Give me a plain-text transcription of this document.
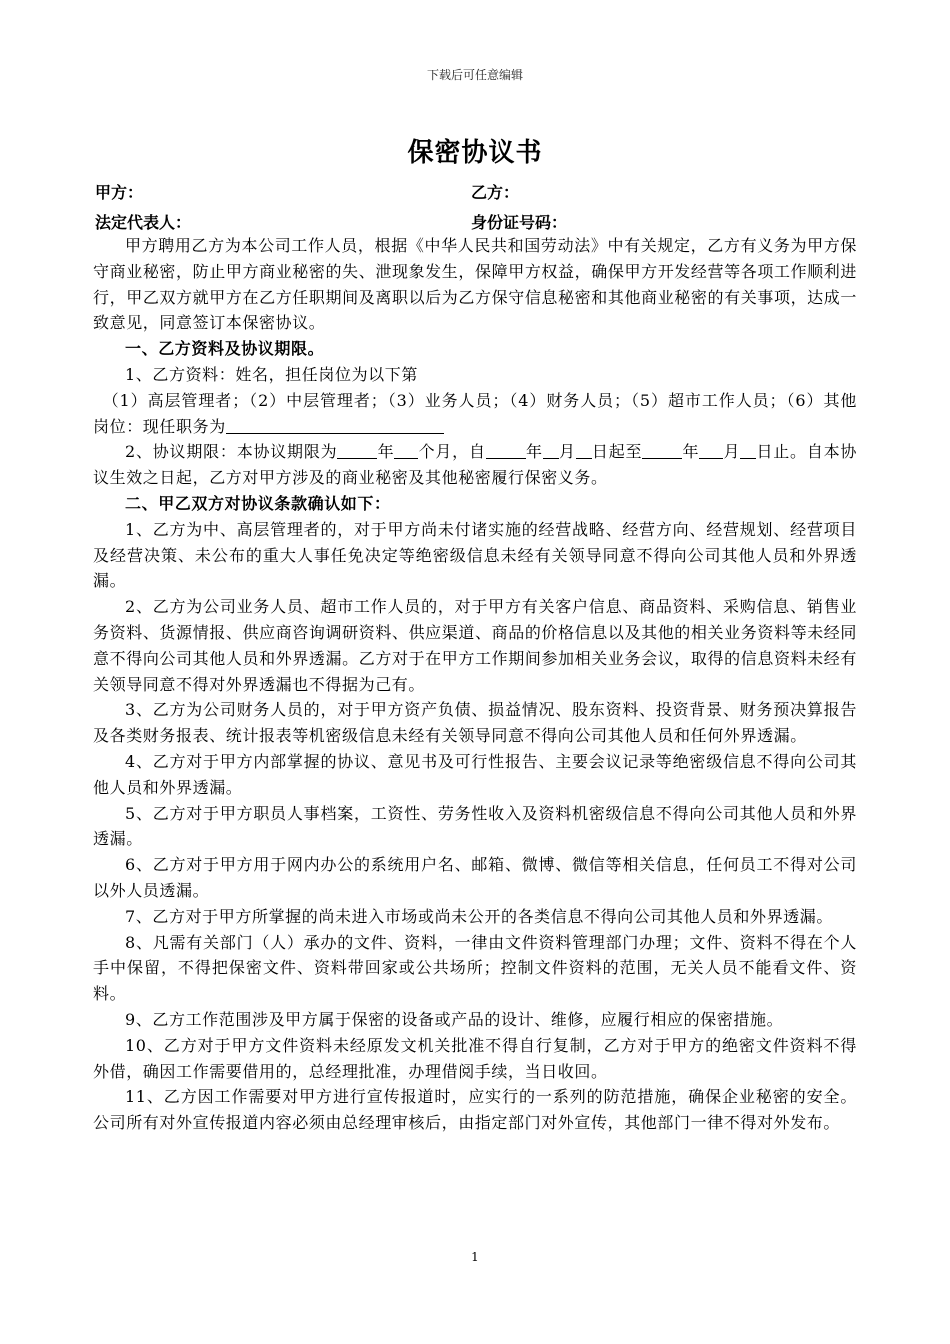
下载后可任意编辑
保密协议书
甲方：	乙方：
法定代表人：	身份证号码：

甲方聘用乙方为本公司工作人员，根据《中华人民共和国劳动法》中有关规定，乙方有义务为甲方保守商业秘密，防止甲方商业秘密的失、泄现象发生，保障甲方权益，确保甲方开发经营等各项工作顺利进行，甲乙双方就甲方在乙方任职期间及离职以后为乙方保守信息秘密和其他商业秘密的有关事项，达成一致意见，同意签订本保密协议。

一、乙方资料及协议期限。

1、乙方资料：姓名，担任岗位为以下第

（1）高层管理者；（2）中层管理者；（3）业务人员；（4）财务人员；（5）超市工作人员；（6）其他岗位：现任职务为

2、协议期限：本协议期限为	年 个月，自	年 月 日起至	年 月 日止。自本协议生效之日起，乙方对甲方涉及的商业秘密及其他秘密履行保密义务。

二、甲乙双方对协议条款确认如下：

1、乙方为中、高层管理者的，对于甲方尚未付诸实施的经营战略、经营方向、经营规划、经营项目及经营决策、未公布的重大人事任免决定等绝密级信息未经有关领导同意不得向公司其他人员和外界透漏。

2、乙方为公司业务人员、超市工作人员的，对于甲方有关客户信息、商品资料、采购信息、销售业务资料、货源情报、供应商咨询调研资料、供应渠道、商品的价格信息以及其他的相关业务资料等未经同意不得向公司其他人员和外界透漏。乙方对于在甲方工作期间参加相关业务会议，取得的信息资料未经有关领导同意不得对外界透漏也不得据为己有。

3、乙方为公司财务人员的，对于甲方资产负债、损益情况、股东资料、投资背景、财务预决算报告及各类财务报表、统计报表等机密级信息未经有关领导同意不得向公司其他人员和任何外界透漏。

4、乙方对于甲方内部掌握的协议、意见书及可行性报告、主要会议记录等绝密级信息不得向公司其他人员和外界透漏。

5、乙方对于甲方职员人事档案，工资性、劳务性收入及资料机密级信息不得向公司其他人员和外界透漏。

6、乙方对于甲方用于网内办公的系统用户名、邮箱、微博、微信等相关信息，任何员工不得对公司以外人员透漏。

7、乙方对于甲方所掌握的尚未进入市场或尚未公开的各类信息不得向公司其他人员和外界透漏。

8、凡需有关部门（人）承办的文件、资料，一律由文件资料管理部门办理；文件、资料不得在个人手中保留，不得把保密文件、资料带回家或公共场所；控制文件资料的范围，无关人员不能看文件、资料。

9、乙方工作范围涉及甲方属于保密的设备或产品的设计、维修，应履行相应的保密措施。

10、乙方对于甲方文件资料未经原发文机关批准不得自行复制，乙方对于甲方的绝密文件资料不得外借，确因工作需要借用的，总经理批准，办理借阅手续，当日收回。

11、乙方因工作需要对甲方进行宣传报道时，应实行的一系列的防范措施，确保企业秘密的安全。公司所有对外宣传报道内容必须由总经理审核后，由指定部门对外宣传，其他部门一律不得对外发布。

1
